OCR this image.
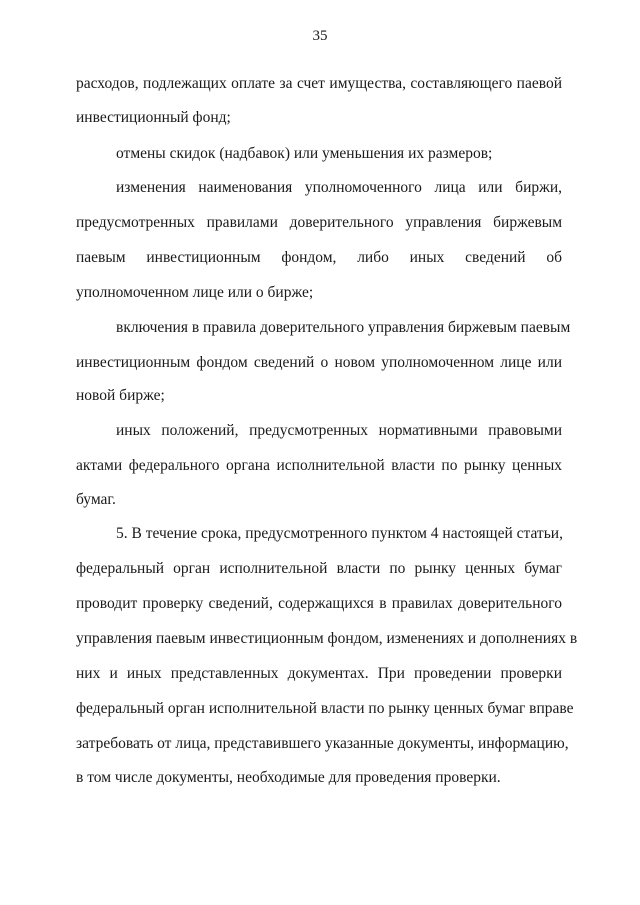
35
расходов, подлежащих оплате за счет имущества, составляющего паевой
инвестиционный фонд;
отмены скидок (надбавок) или уменьшения их размеров;
изменения наименования уполномоченного лица или биржи,
предусмотренных правилами доверительного управления биржевым
паевым инвестиционным фондом, либо иных сведений об
уполномоченном лице или о бирже;
включения в правила доверительного управления биржевым паевым
инвестиционным фондом сведений о новом уполномоченном лице или
новой бирже;
иных положений, предусмотренных нормативными правовыми
актами федерального органа исполнительной власти по рынку ценных
бумаг.
5. В течение срока, предусмотренного пунктом 4 настоящей статьи,
федеральный орган исполнительной власти по рынку ценных бумаг
проводит проверку сведений, содержащихся в правилах доверительного
управления паевым инвестиционным фондом, изменениях и дополнениях в
них и иных представленных документах. При проведении проверки
федеральный орган исполнительной власти по рынку ценных бумаг вправе
затребовать от лица, представившего указанные документы, информацию,
в том числе документы, необходимые для проведения проверки.
